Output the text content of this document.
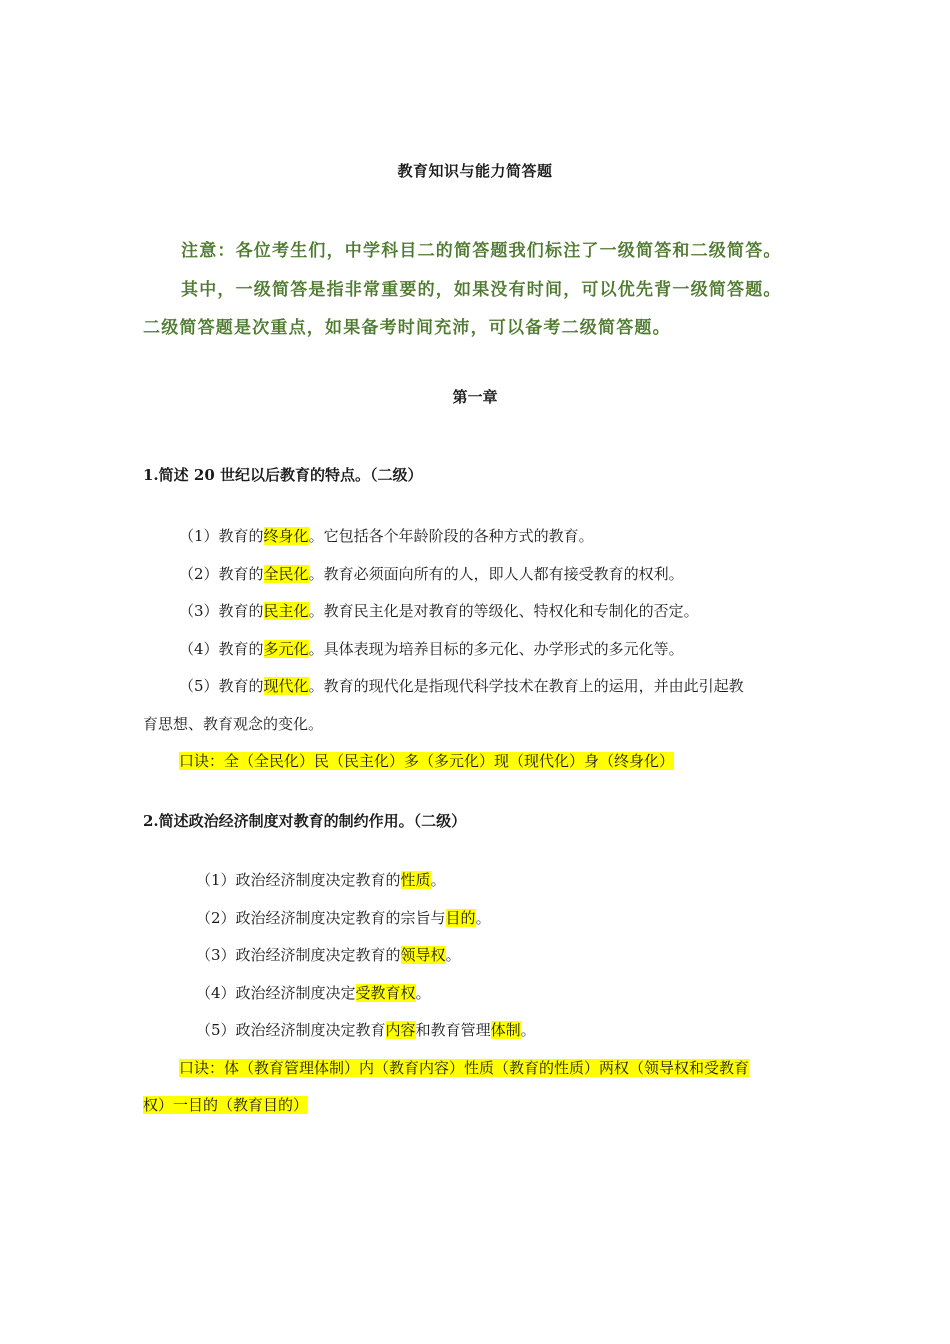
教育知识与能力简答题

注意：各位考生们，中学科目二的简答题我们标注了一级简答和二级简答。

其中，一级简答是指非常重要的，如果没有时间，可以优先背一级简答题。

二级简答题是次重点，如果备考时间充沛，可以备考二级简答题。

第一章
1.简述 20 世纪以后教育的特点。（二级）

（1）教育的终身化。它包括各个年龄阶段的各种方式的教育。

（2）教育的全民化。教育必须面向所有的人，即人人都有接受教育的权利。

（3）教育的民主化。教育民主化是对教育的等级化、特权化和专制化的否定。

（4）教育的多元化。具体表现为培养目标的多元化、办学形式的多元化等。

（5）教育的现代化。教育的现代化是指现代科学技术在教育上的运用，并由此引起教

育思想、教育观念的变化。

口诀：全（全民化）民（民主化）多（多元化）现（现代化）身（终身化）

2.简述政治经济制度对教育的制约作用。（二级）

（1）政治经济制度决定教育的性质。

（2）政治经济制度决定教育的宗旨与目的。

（3）政治经济制度决定教育的领导权。

（4）政治经济制度决定受教育权。

（5）政治经济制度决定教育内容和教育管理体制。

口诀：体（教育管理体制）内（教育内容）性质（教育的性质）两权（领导权和受教育

权）一目的（教育目的）
